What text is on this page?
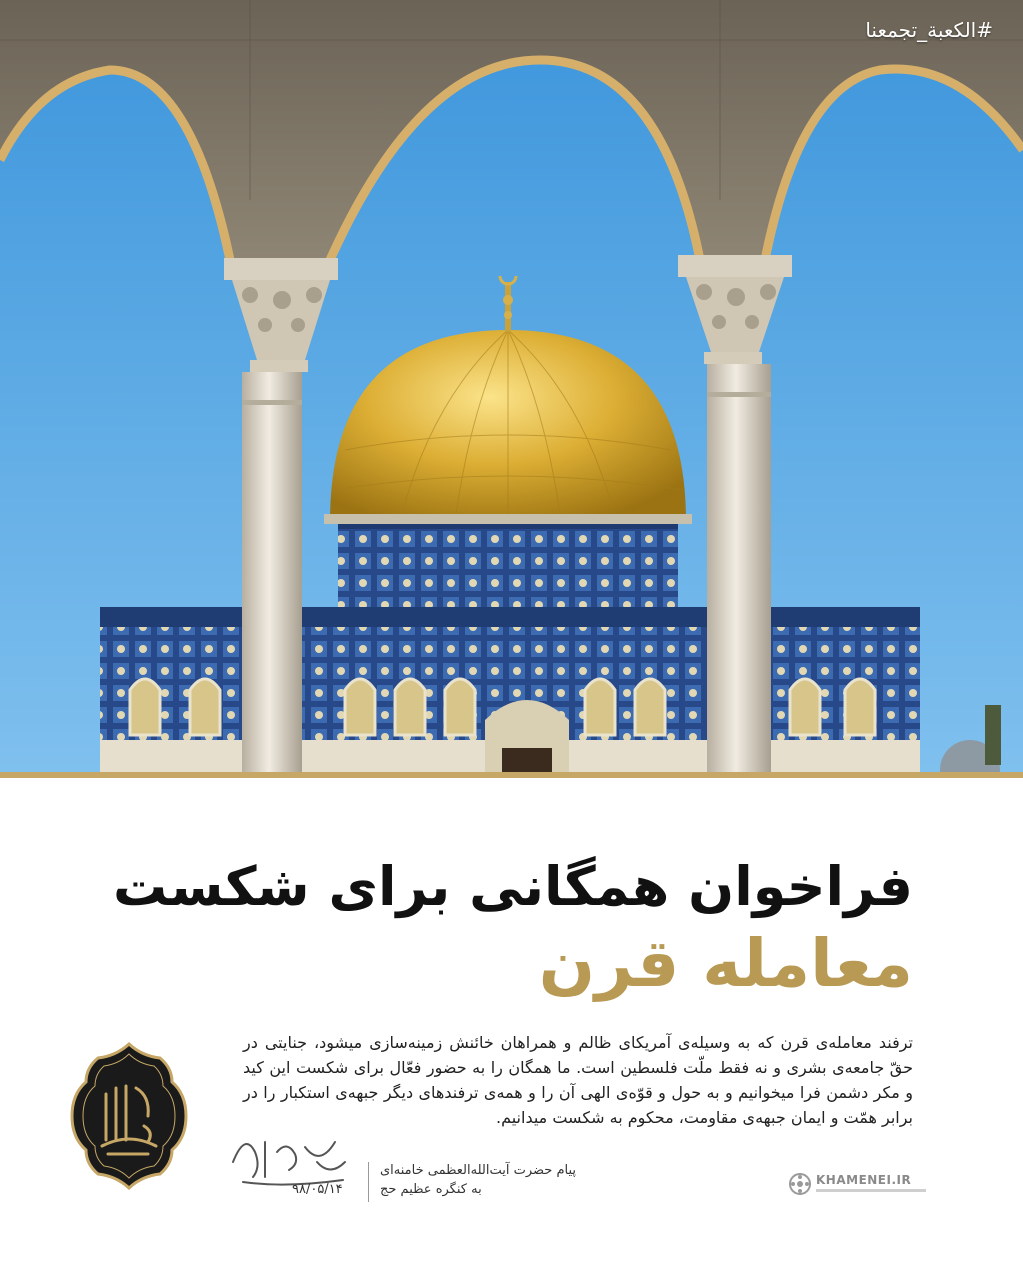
#الکعبة_تجمعنا
فراخوان همگانی برای شکست
معامله قرن
ترفند معامله‌ی قرن که به وسیله‌ی آمریکای ظالم و همراهان خائنش زمینه‌سازی میشود، جنایتی در حقّ جامعه‌ی بشری و نه فقط ملّت فلسطین است. ما همگان را به حضور فعّال برای شکست این کید و مکر دشمن فرا میخوانیم و به حول و قوّه‌ی الهی آن را و همه‌ی ترفندهای دیگر جبهه‌ی استکبار را در برابر همّت و ایمان جبهه‌ی مقاومت، محکوم به شکست میدانیم.
۹۸/۰۵/۱۴
پیام حضرت آیت‌الله‌العظمی خامنه‌ای
به کنگره عظیم حج
KHAMENEI.IR
